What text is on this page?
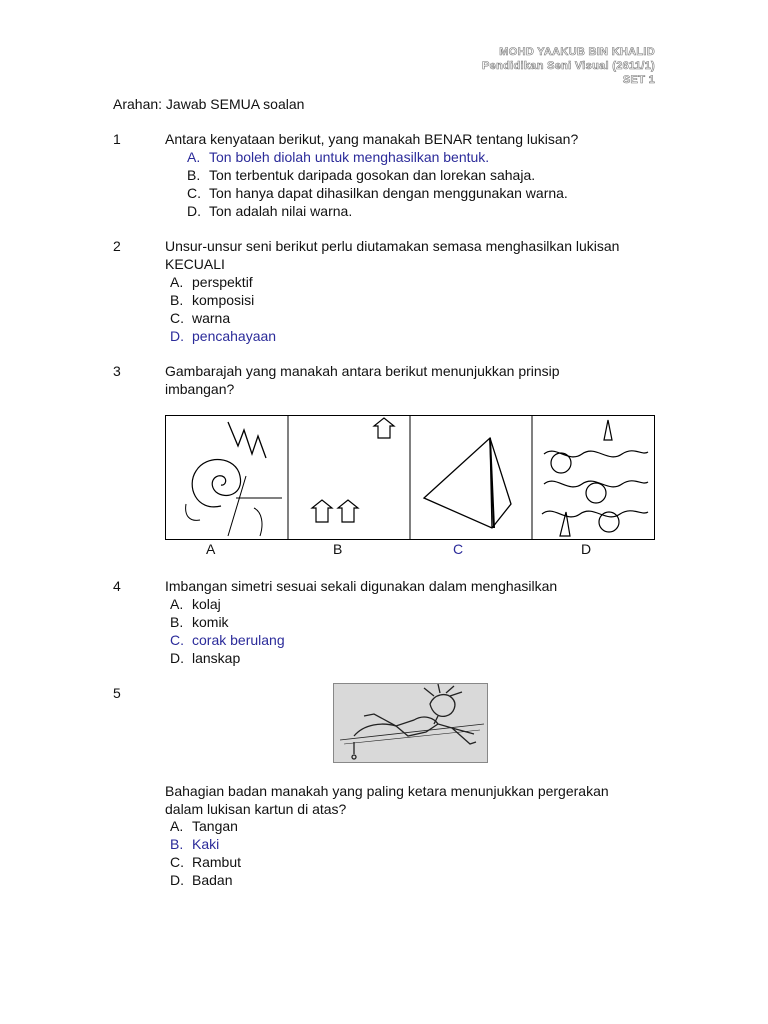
MOHD YAAKUB BIN KHALID
Pendidikan Seni Visual (2611/1)
SET 1
Arahan: Jawab SEMUA soalan
1	Antara kenyataan berikut, yang manakah BENAR tentang lukisan?
A. Ton boleh diolah untuk menghasilkan bentuk.
B. Ton terbentuk daripada gosokan dan lorekan sahaja.
C. Ton hanya dapat dihasilkan dengan menggunakan warna.
D. Ton adalah nilai warna.
2	Unsur-unsur seni berikut perlu diutamakan semasa menghasilkan lukisan
KECUALI
A. perspektif
B. komposisi
C. warna
D. pencahayaan
3	Gambarajah yang manakah antara berikut menunjukkan prinsip
imbangan?
A	B	C	D
4	Imbangan simetri sesuai sekali digunakan dalam menghasilkan
A. kolaj
B. komik
C. corak berulang
D. lanskap
5
Bahagian badan manakah yang paling ketara menunjukkan pergerakan
dalam lukisan kartun di atas?
A. Tangan
B. Kaki
C. Rambut
D. Badan
